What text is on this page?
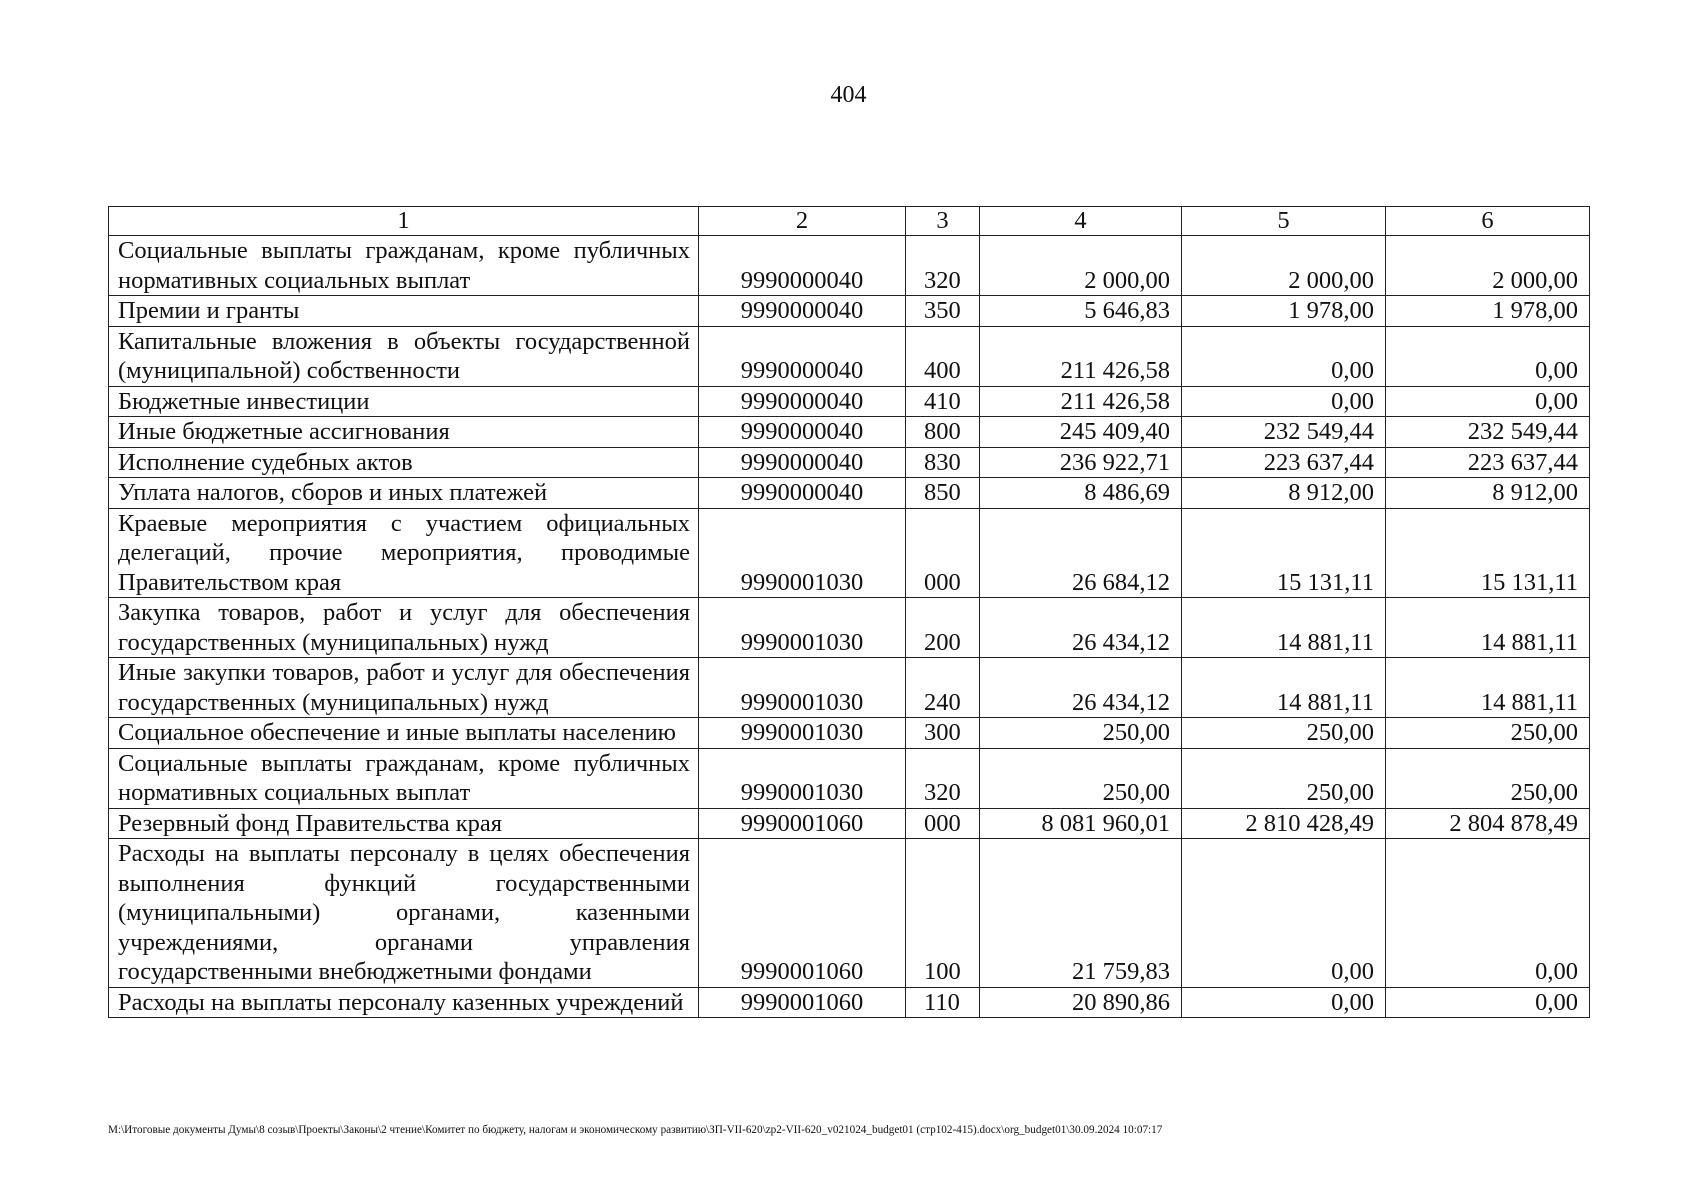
404
1	2	3	4	5	6
Социальные выплаты гражданам, кроме публичных нормативных социальных выплат	9990000040	320	2 000,00	2 000,00	2 000,00
Премии и гранты	9990000040	350	5 646,83	1 978,00	1 978,00
Капитальные вложения в объекты государственной (муниципальной) собственности	9990000040	400	211 426,58	0,00	0,00
Бюджетные инвестиции	9990000040	410	211 426,58	0,00	0,00
Иные бюджетные ассигнования	9990000040	800	245 409,40	232 549,44	232 549,44
Исполнение судебных актов	9990000040	830	236 922,71	223 637,44	223 637,44
Уплата налогов, сборов и иных платежей	9990000040	850	8 486,69	8 912,00	8 912,00
Краевые мероприятия с участием официальных делегаций, прочие мероприятия, проводимые Правительством края	9990001030	000	26 684,12	15 131,11	15 131,11
Закупка товаров, работ и услуг для обеспечения государственных (муниципальных) нужд	9990001030	200	26 434,12	14 881,11	14 881,11
Иные закупки товаров, работ и услуг для обеспечения государственных (муниципальных) нужд	9990001030	240	26 434,12	14 881,11	14 881,11
Социальное обеспечение и иные выплаты населению	9990001030	300	250,00	250,00	250,00
Социальные выплаты гражданам, кроме публичных нормативных социальных выплат	9990001030	320	250,00	250,00	250,00
Резервный фонд Правительства края	9990001060	000	8 081 960,01	2 810 428,49	2 804 878,49
Расходы на выплаты персоналу в целях обеспечения выполнения функций государственными (муниципальными) органами, казенными учреждениями, органами управления государственными внебюджетными фондами	9990001060	100	21 759,83	0,00	0,00
Расходы на выплаты персоналу казенных учреждений	9990001060	110	20 890,86	0,00	0,00
M:\Итоговые документы Думы\8 созыв\Проекты\Законы\2 чтение\Комитет по бюджету, налогам и экономическому развитию\ЗП-VII-620\zp2-VII-620_v021024_budget01 (стр102-415).docx\org_budget01\30.09.2024 10:07:17
